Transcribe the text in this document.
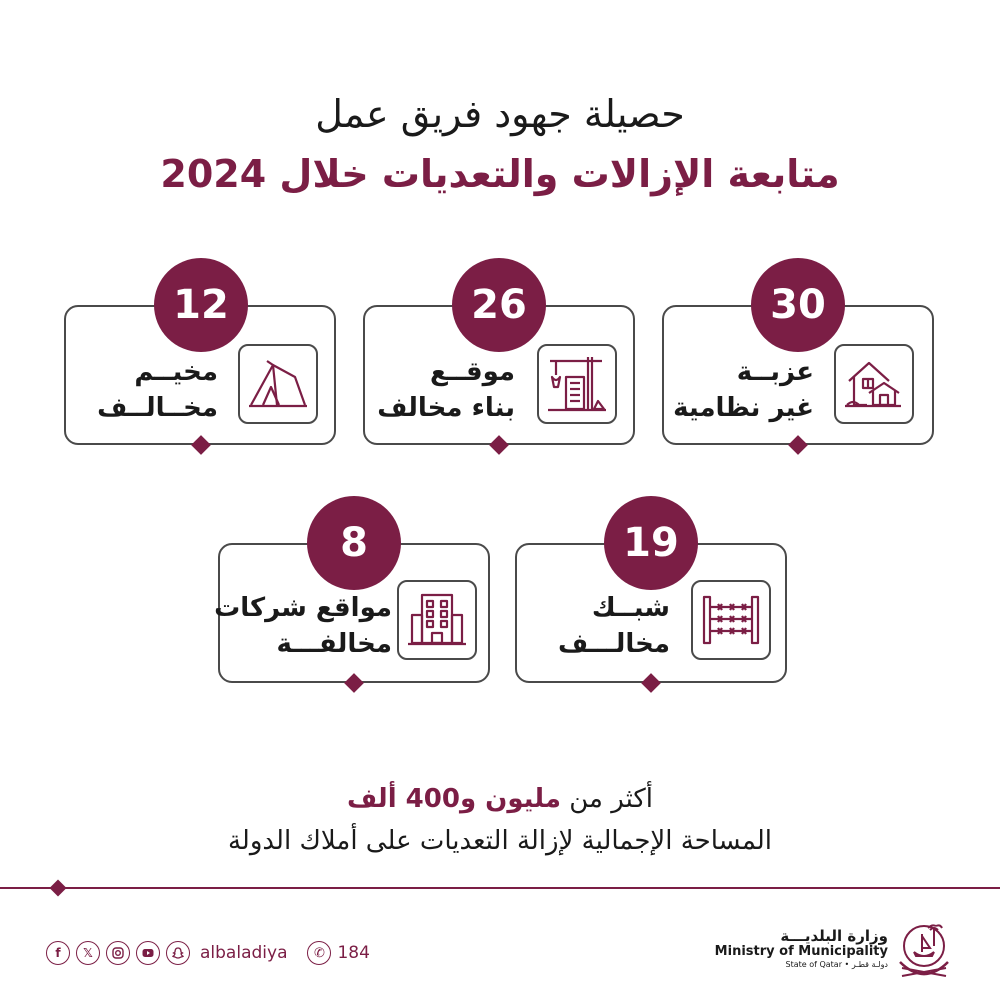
حصيلة جهود فريق عمل
متابعة الإزالات والتعديات خلال 2024
30
عزبــة
غير نظامية
26
موقــع
بناء مخالف
12
مخيــم
مخــالــف
19
شبــك
مخالـــف
8
مواقع شركات
مخالفـــة
أكثر من مليون و400 ألف
المساحة الإجمالية لإزالة التعديات على أملاك الدولة
f	𝕏	albaladiya	✆ 184
وزارة البلديـــة
Ministry of Municipality
State of Qatar • دولـة قطـر
